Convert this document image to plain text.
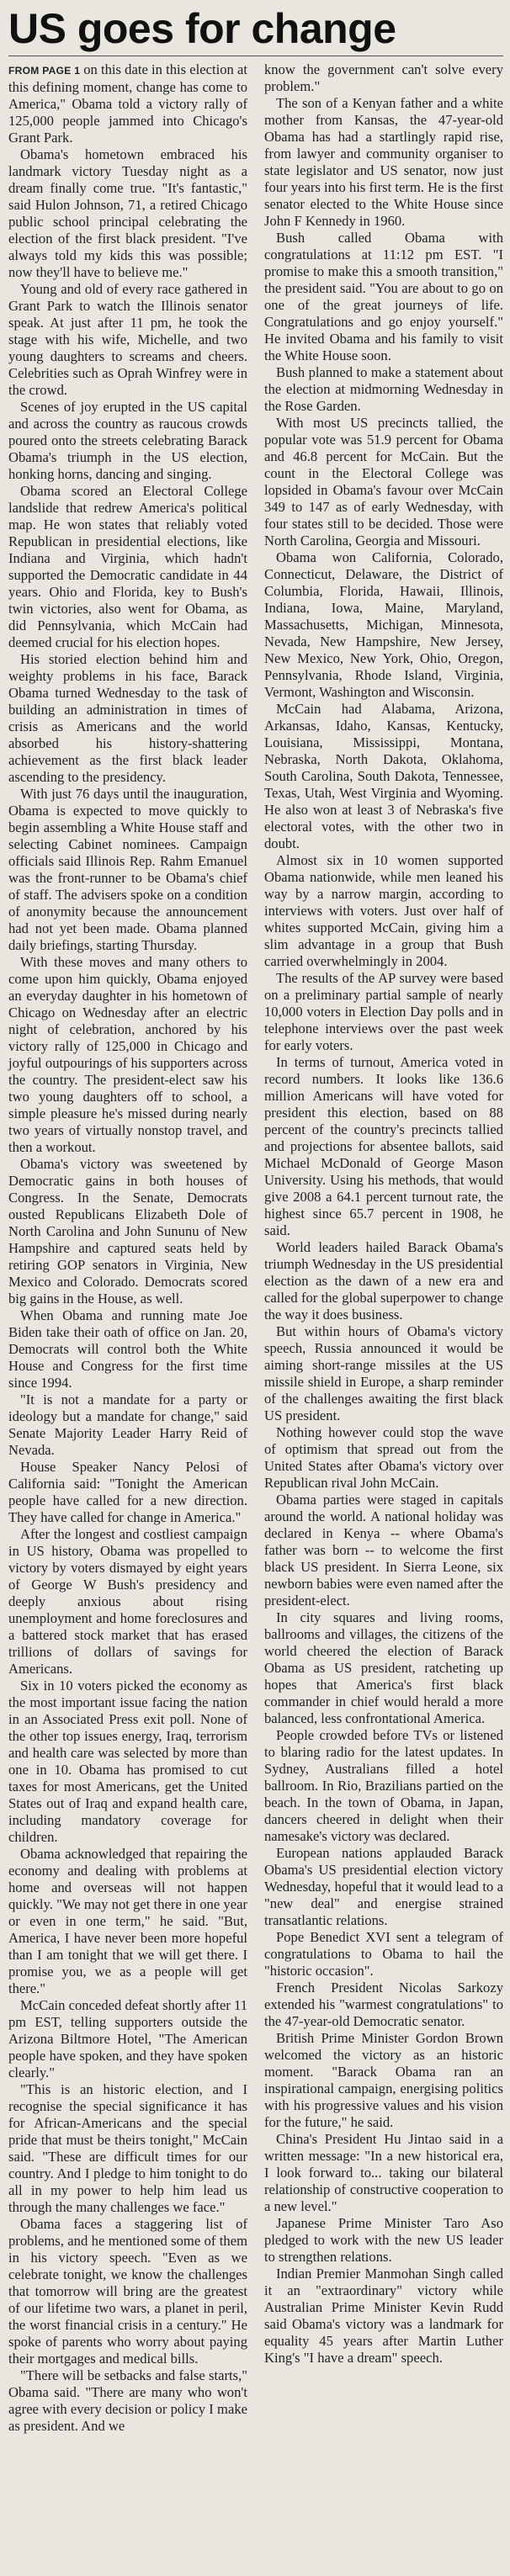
US goes for change

FROM PAGE 1 on this date in this election at this defining moment, change has come to America," Obama told a victory rally of 125,000 people jammed into Chicago's Grant Park.

Obama's hometown embraced his landmark victory Tuesday night as a dream finally come true. "It's fantastic," said Hulon Johnson, 71, a retired Chicago public school principal celebrating the election of the first black president. "I've always told my kids this was possible; now they'll have to believe me."

Young and old of every race gathered in Grant Park to watch the Illinois senator speak. At just after 11 pm, he took the stage with his wife, Michelle, and two young daughters to screams and cheers. Celebrities such as Oprah Winfrey were in the crowd.

Scenes of joy erupted in the US capital and across the country as raucous crowds poured onto the streets celebrating Barack Obama's triumph in the US election, honking horns, dancing and singing.

Obama scored an Electoral College landslide that redrew America's political map. He won states that reliably voted Republican in presidential elections, like Indiana and Virginia, which hadn't supported the Democratic candidate in 44 years. Ohio and Florida, key to Bush's twin victories, also went for Obama, as did Pennsylvania, which McCain had deemed crucial for his election hopes.

His storied election behind him and weighty problems in his face, Barack Obama turned Wednesday to the task of building an administration in times of crisis as Americans and the world absorbed his history-shattering achievement as the first black leader ascending to the presidency.

With just 76 days until the inauguration, Obama is expected to move quickly to begin assembling a White House staff and selecting Cabinet nominees. Campaign officials said Illinois Rep. Rahm Emanuel was the front-runner to be Obama's chief of staff. The advisers spoke on a condition of anonymity because the announcement had not yet been made. Obama planned daily briefings, starting Thursday.

With these moves and many others to come upon him quickly, Obama enjoyed an everyday daughter in his hometown of Chicago on Wednesday after an electric night of celebration, anchored by his victory rally of 125,000 in Chicago and joyful outpourings of his supporters across the country. The president-elect saw his two young daughters off to school, a simple pleasure he's missed during nearly two years of virtually nonstop travel, and then a workout.

Obama's victory was sweetened by Democratic gains in both houses of Congress. In the Senate, Democrats ousted Republicans Elizabeth Dole of North Carolina and John Sununu of New Hampshire and captured seats held by retiring GOP senators in Virginia, New Mexico and Colorado. Democrats scored big gains in the House, as well.

When Obama and running mate Joe Biden take their oath of office on Jan. 20, Democrats will control both the White House and Congress for the first time since 1994.

"It is not a mandate for a party or ideology but a mandate for change," said Senate Majority Leader Harry Reid of Nevada.

House Speaker Nancy Pelosi of California said: "Tonight the American people have called for a new direction. They have called for change in America."

After the longest and costliest campaign in US history, Obama was propelled to victory by voters dismayed by eight years of George W Bush's presidency and deeply anxious about rising unemployment and home foreclosures and a battered stock market that has erased trillions of dollars of savings for Americans.

Six in 10 voters picked the economy as the most important issue facing the nation in an Associated Press exit poll. None of the other top issues energy, Iraq, terrorism and health care was selected by more than one in 10. Obama has promised to cut taxes for most Americans, get the United States out of Iraq and expand health care, including mandatory coverage for children.

Obama acknowledged that repairing the economy and dealing with problems at home and overseas will not happen quickly. "We may not get there in one year or even in one term," he said. "But, America, I have never been more hopeful than I am tonight that we will get there. I promise you, we as a people will get there."

McCain conceded defeat shortly after 11 pm EST, telling supporters outside the Arizona Biltmore Hotel, "The American people have spoken, and they have spoken clearly."

"This is an historic election, and I recognise the special significance it has for African-Americans and the special pride that must be theirs tonight," McCain said. "These are difficult times for our country. And I pledge to him tonight to do all in my power to help him lead us through the many challenges we face."

Obama faces a staggering list of problems, and he mentioned some of them in his victory speech. "Even as we celebrate tonight, we know the challenges that tomorrow will bring are the greatest of our lifetime two wars, a planet in peril, the worst financial crisis in a century." He spoke of parents who worry about paying their mortgages and medical bills.

"There will be setbacks and false starts," Obama said. "There are many who won't agree with every decision or policy I make as president. And we

know the government can't solve every problem."

The son of a Kenyan father and a white mother from Kansas, the 47-year-old Obama has had a startlingly rapid rise, from lawyer and community organiser to state legislator and US senator, now just four years into his first term. He is the first senator elected to the White House since John F Kennedy in 1960.

Bush called Obama with congratulations at 11:12 pm EST. "I promise to make this a smooth transition," the president said. "You are about to go on one of the great journeys of life. Congratulations and go enjoy yourself." He invited Obama and his family to visit the White House soon.

Bush planned to make a statement about the election at midmorning Wednesday in the Rose Garden.

With most US precincts tallied, the popular vote was 51.9 percent for Obama and 46.8 percent for McCain. But the count in the Electoral College was lopsided in Obama's favour over McCain 349 to 147 as of early Wednesday, with four states still to be decided. Those were North Carolina, Georgia and Missouri.

Obama won California, Colorado, Connecticut, Delaware, the District of Columbia, Florida, Hawaii, Illinois, Indiana, Iowa, Maine, Maryland, Massachusetts, Michigan, Minnesota, Nevada, New Hampshire, New Jersey, New Mexico, New York, Ohio, Oregon, Pennsylvania, Rhode Island, Virginia, Vermont, Washington and Wisconsin.

McCain had Alabama, Arizona, Arkansas, Idaho, Kansas, Kentucky, Louisiana, Mississippi, Montana, Nebraska, North Dakota, Oklahoma, South Carolina, South Dakota, Tennessee, Texas, Utah, West Virginia and Wyoming. He also won at least 3 of Nebraska's five electoral votes, with the other two in doubt.

Almost six in 10 women supported Obama nationwide, while men leaned his way by a narrow margin, according to interviews with voters. Just over half of whites supported McCain, giving him a slim advantage in a group that Bush carried overwhelmingly in 2004.

The results of the AP survey were based on a preliminary partial sample of nearly 10,000 voters in Election Day polls and in telephone interviews over the past week for early voters.

In terms of turnout, America voted in record numbers. It looks like 136.6 million Americans will have voted for president this election, based on 88 percent of the country's precincts tallied and projections for absentee ballots, said Michael McDonald of George Mason University. Using his methods, that would give 2008 a 64.1 percent turnout rate, the highest since 65.7 percent in 1908, he said.

World leaders hailed Barack Obama's triumph Wednesday in the US presidential election as the dawn of a new era and called for the global superpower to change the way it does business.

But within hours of Obama's victory speech, Russia announced it would be aiming short-range missiles at the US missile shield in Europe, a sharp reminder of the challenges awaiting the first black US president.

Nothing however could stop the wave of optimism that spread out from the United States after Obama's victory over Republican rival John McCain.

Obama parties were staged in capitals around the world. A national holiday was declared in Kenya -- where Obama's father was born -- to welcome the first black US president. In Sierra Leone, six newborn babies were even named after the president-elect.

In city squares and living rooms, ballrooms and villages, the citizens of the world cheered the election of Barack Obama as US president, ratcheting up hopes that America's first black commander in chief would herald a more balanced, less confrontational America.

People crowded before TVs or listened to blaring radio for the latest updates. In Sydney, Australians filled a hotel ballroom. In Rio, Brazilians partied on the beach. In the town of Obama, in Japan, dancers cheered in delight when their namesake's victory was declared.

European nations applauded Barack Obama's US presidential election victory Wednesday, hopeful that it would lead to a "new deal" and energise strained transatlantic relations.

Pope Benedict XVI sent a telegram of congratulations to Obama to hail the "historic occasion".

French President Nicolas Sarkozy extended his "warmest congratulations" to the 47-year-old Democratic senator.

British Prime Minister Gordon Brown welcomed the victory as an historic moment. "Barack Obama ran an inspirational campaign, energising politics with his progressive values and his vision for the future," he said.

China's President Hu Jintao said in a written message: "In a new historical era, I look forward to... taking our bilateral relationship of constructive cooperation to a new level."

Japanese Prime Minister Taro Aso pledged to work with the new US leader to strengthen relations.

Indian Premier Manmohan Singh called it an "extraordinary" victory while Australian Prime Minister Kevin Rudd said Obama's victory was a landmark for equality 45 years after Martin Luther King's "I have a dream" speech.
